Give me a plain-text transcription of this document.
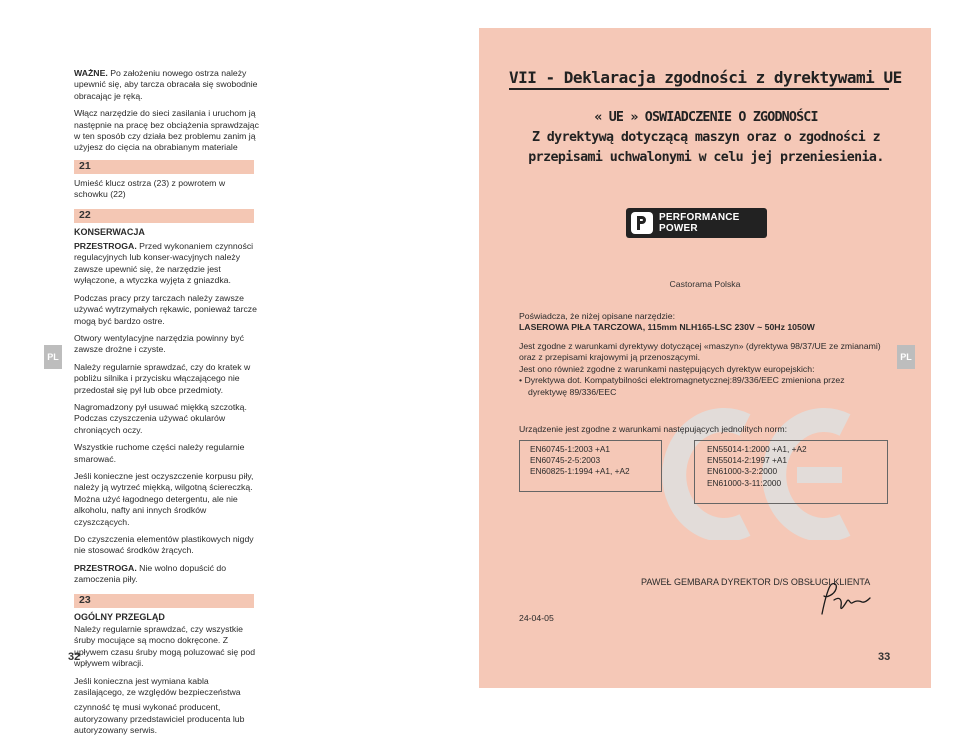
PL

WAŻNE. Po założeniu nowego ostrza należy upewnić się, aby tarcza obracała się swobodnie obracając je ręką.

Włącz narzędzie do sieci zasilania i uruchom ją następnie na pracę bez obciążenia sprawdzając w ten sposób czy działa bez problemu zanim ją użyjesz do cięcia na obrabianym materiale

21

Umieść klucz ostrza (23) z powrotem w schowku (22)

22
KONSERWACJA

PRZESTROGA. Przed wykonaniem czynności regulacyjnych lub konser-wacyjnych należy zawsze upewnić się, że narzędzie jest wyłączone, a wtyczka wyjęta z gniazdka.

Podczas pracy przy tarczach należy zawsze używać wytrzymałych rękawic, ponieważ tarcze mogą być bardzo ostre.

Otwory wentylacyjne narzędzia powinny być zawsze drożne i czyste.

Należy regularnie sprawdzać, czy do kratek w pobliżu silnika i przycisku włączającego nie przedostał się pył lub obce przedmioty.

Nagromadzony pył usuwać miękką szczotką. Podczas czyszczenia używać okularów chroniących oczy.

Wszystkie ruchome części należy regularnie smarować.

Jeśli konieczne jest oczyszczenie korpusu piły, należy ją wytrzeć miękką, wilgotną ściereczką. Można użyć łagodnego detergentu, ale nie alkoholu, nafty ani innych środków czyszczących.

Do czyszczenia elementów plastikowych nigdy nie stosować środków żrących.

PRZESTROGA. Nie wolno dopuścić do zamoczenia piły.

23
OGÓLNY PRZEGLĄD

Należy regularnie sprawdzać, czy wszystkie śruby mocujące są mocno dokręcone. Z upływem czasu śruby mogą poluzować się pod wpływem wibracji.

Jeśli konieczna jest wymiana kabla zasilającego, ze względów bezpieczeństwa

czynność tę musi wykonać producent, autoryzowany przedstawiciel producenta lub autoryzowany serwis.

32
VII - Deklaracja zgodności z dyrektywami UE
« UE » OSWIADCZENIE O ZGODNOŚCI
Z dyrektywą dotyczącą maszyn oraz o zgodności z
przepisami uchwalonymi w celu jej przeniesienia.
PERFORMANCE
POWER
Castorama Polska
Poświadcza, że niżej opisane narzędzie:
LASEROWA PIŁA TARCZOWA, 115mm NLH165-LSC 230V ~ 50Hz 1050W
Jest zgodne z warunkami dyrektywy dotyczącej «maszyn» (dyrektywa 98/37/UE ze zmianami)
oraz z przepisami krajowymi ją przenoszącymi.
Jest ono również zgodne z warunkami następujących dyrektyw europejskich:
• Dyrektywa dot. Kompatybilności elektromagnetycznej:89/336/EEC zmieniona przez
dyrektywę 89/336/EEC
Urządzenie jest zgodne z warunkami następujących jednolitych norm:
EN60745-1:2003 +A1
EN60745-2-5:2003
EN60825-1:1994 +A1, +A2
EN55014-1:2000 +A1, +A2
EN55014-2:1997 +A1
EN61000-3-2:2000
EN61000-3-11:2000
PAWEŁ GEMBARA DYREKTOR D/S OBSŁUGI KLIENTA
24-04-05
PL
33
